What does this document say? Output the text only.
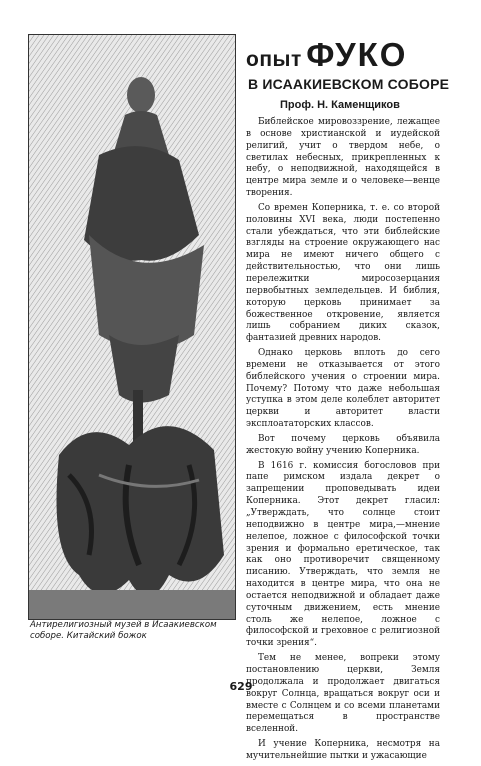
Антирелигиозный музей в Исаакиевском соборе. Китайский божок
опыт ФУКО
В ИСААКИЕВСКОМ СОБОРЕ
Проф. Н. Каменщиков

Библейское мировоззрение, лежащее в основе христианской и иудейской религий, учит о твердом небе, о светилах небесных, прикрепленных к небу, о неподвижной, находящейся в центре мира земле и о человеке—венце творения.

Со времен Коперника, т. е. со второй половины XVI века, люди постепенно стали убеждаться, что эти библейские взгляды на строение окружающего нас мира не имеют ничего общего с действительностью, что они лишь перележитки миросозерцания первобытных земледельцев. И библия, которую церковь принимает за божественное откровение, является лишь собранием диких сказок, фантазией древних народов.

Однако церковь вплоть до сего времени не отказывается от этого библейского учения о строении мира. Почему? Потому что даже небольшая уступка в этом деле колеблет авторитет церкви и авторитет власти эксплоататорских классов.

Вот почему церковь объявила жестокую войну учению Коперника.

В 1616 г. комиссия богословов при папе римском издала декрет о запрещении проповедывать идеи Коперника. Этот декрет гласил: „Утверждать, что солнце стоит неподвижно в центре мира,—мнение нелепое, ложное с философской точки зрения и формально еретическое, так как оно противоречит священному писанию. Утверждать, что земля не находится в центре мира, что она не остается неподвижной и обладает даже суточным движением, есть мнение столь же нелепое, ложное с философской и греховное с религиозной точки зрения“.

Тем не менее, вопреки этому постановлению церкви, Земля продолжала и продолжает двигаться вокруг Солнца, вращаться вокруг оси и вместе с Солнцем и со всеми планетами перемещаться в пространстве вселенной.

И учение Коперника, несмотря на мучительнейшие пытки и ужасающие

629
